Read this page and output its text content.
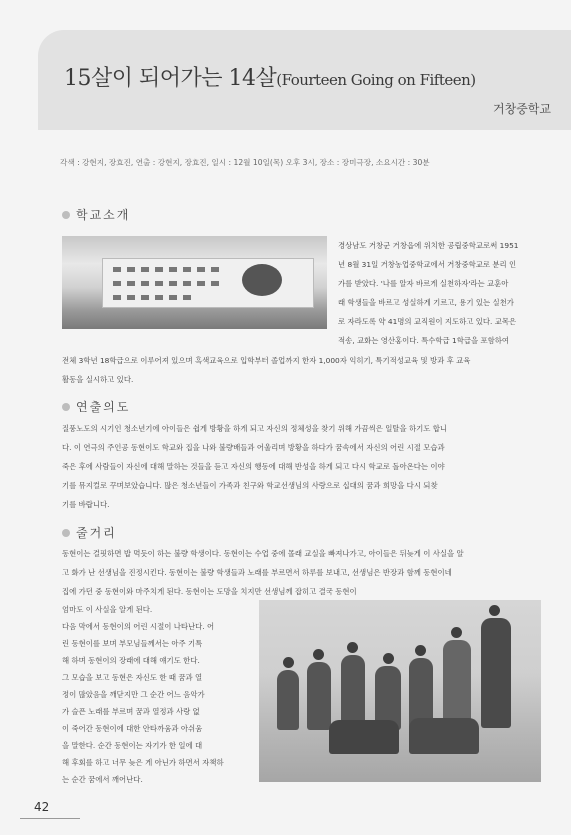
15살이 되어가는 14살(Fourteen Going on Fifteen)
거창중학교
각색 : 강현지, 장효진, 연출 : 강현지, 장효진, 일시 : 12월 10일(목) 오후 3시, 장소 : 장미극장, 소요시간 : 30분
학교소개
경상남도 거창군 거창읍에 위치한 공립중학교로써 1951
년 8월 31일 거창농업중학교에서 거창중학교로 분리 인
가를 받았다. '나를 알자 바르게 실천하자'라는 교훈아
래 학생들을 바르고 성실하게 기르고, 용기 있는 실천가
로 자라도록 약 41명의 교직원이 지도하고 있다. 교목은
적송, 교화는 영산홍이다. 특수학급 1학급을 포함하여
전체 3학년 18학급으로 이루어져 있으며 흑색교육으로 입학부터 졸업까지 한자 1,000자 익히기, 특기적성교육 및 방과 후 교육
활동을 실시하고 있다.
연출의도
질풍노도의 시기인 청소년기에 아이들은 쉽게 방황을 하게 되고 자신의 정체성을 찾기 위해 가끔씩은 일탈을 하기도 합니
다. 이 연극의 주인공 동현이도 학교와 집을 나와 불량배들과 어울리며 방황을 하다가 꿈속에서 자신의 어린 시절 모습과
죽은 후에 사람들이 자신에 대해 말하는 것들을 듣고 자신의 행동에 대해 반성을 하게 되고 다시 학교로 돌아온다는 이야
기를 뮤지컬로 꾸며보았습니다. 많은 청소년들이 가족과 친구와 학교선생님의 사랑으로 십대의 꿈과 희망을 다시 되찾
기를 바랍니다.
줄거리
동현이는 걸핏하면 밥 먹듯이 하는 불량 학생이다. 동현이는 수업 중에 몰래 교실을 빠져나가고, 아이들은 뒤늦게 이 사실을 알
고 화가 난 선생님을 진정시킨다. 동현이는 불량 학생들과 노래를 부르면서 하루를 보내고, 선생님은 반장과 함께 동현이네
집에 가던 중 동현이와 마주치게 된다. 동현이는 도망을 치지만 선생님께 잡히고 결국 동현이
엄마도 이 사실을 알게 된다.
다음 막에서 동현이의 어린 시절이 나타난다. 어
린 동현이를 보며 부모님들께서는 아주 기특
해 하며 동현이의 장래에 대해 얘기도 한다.
그 모습을 보고 동현은 자신도 한 때 꿈과 열
정이 많았음을 깨닫지만 그 순간 어느 음악가
가 슬픈 노래를 부르며 꿈과 열정과 사랑 없
이 죽어간 동현이에 대한 안타까움과 아쉬움
을 말한다. 순간 동현이는 자기가 한 일에 대
해 후회를 하고 너무 늦은 게 아닌가 하면서 자책하
는 순간 꿈에서 깨어난다.
42
